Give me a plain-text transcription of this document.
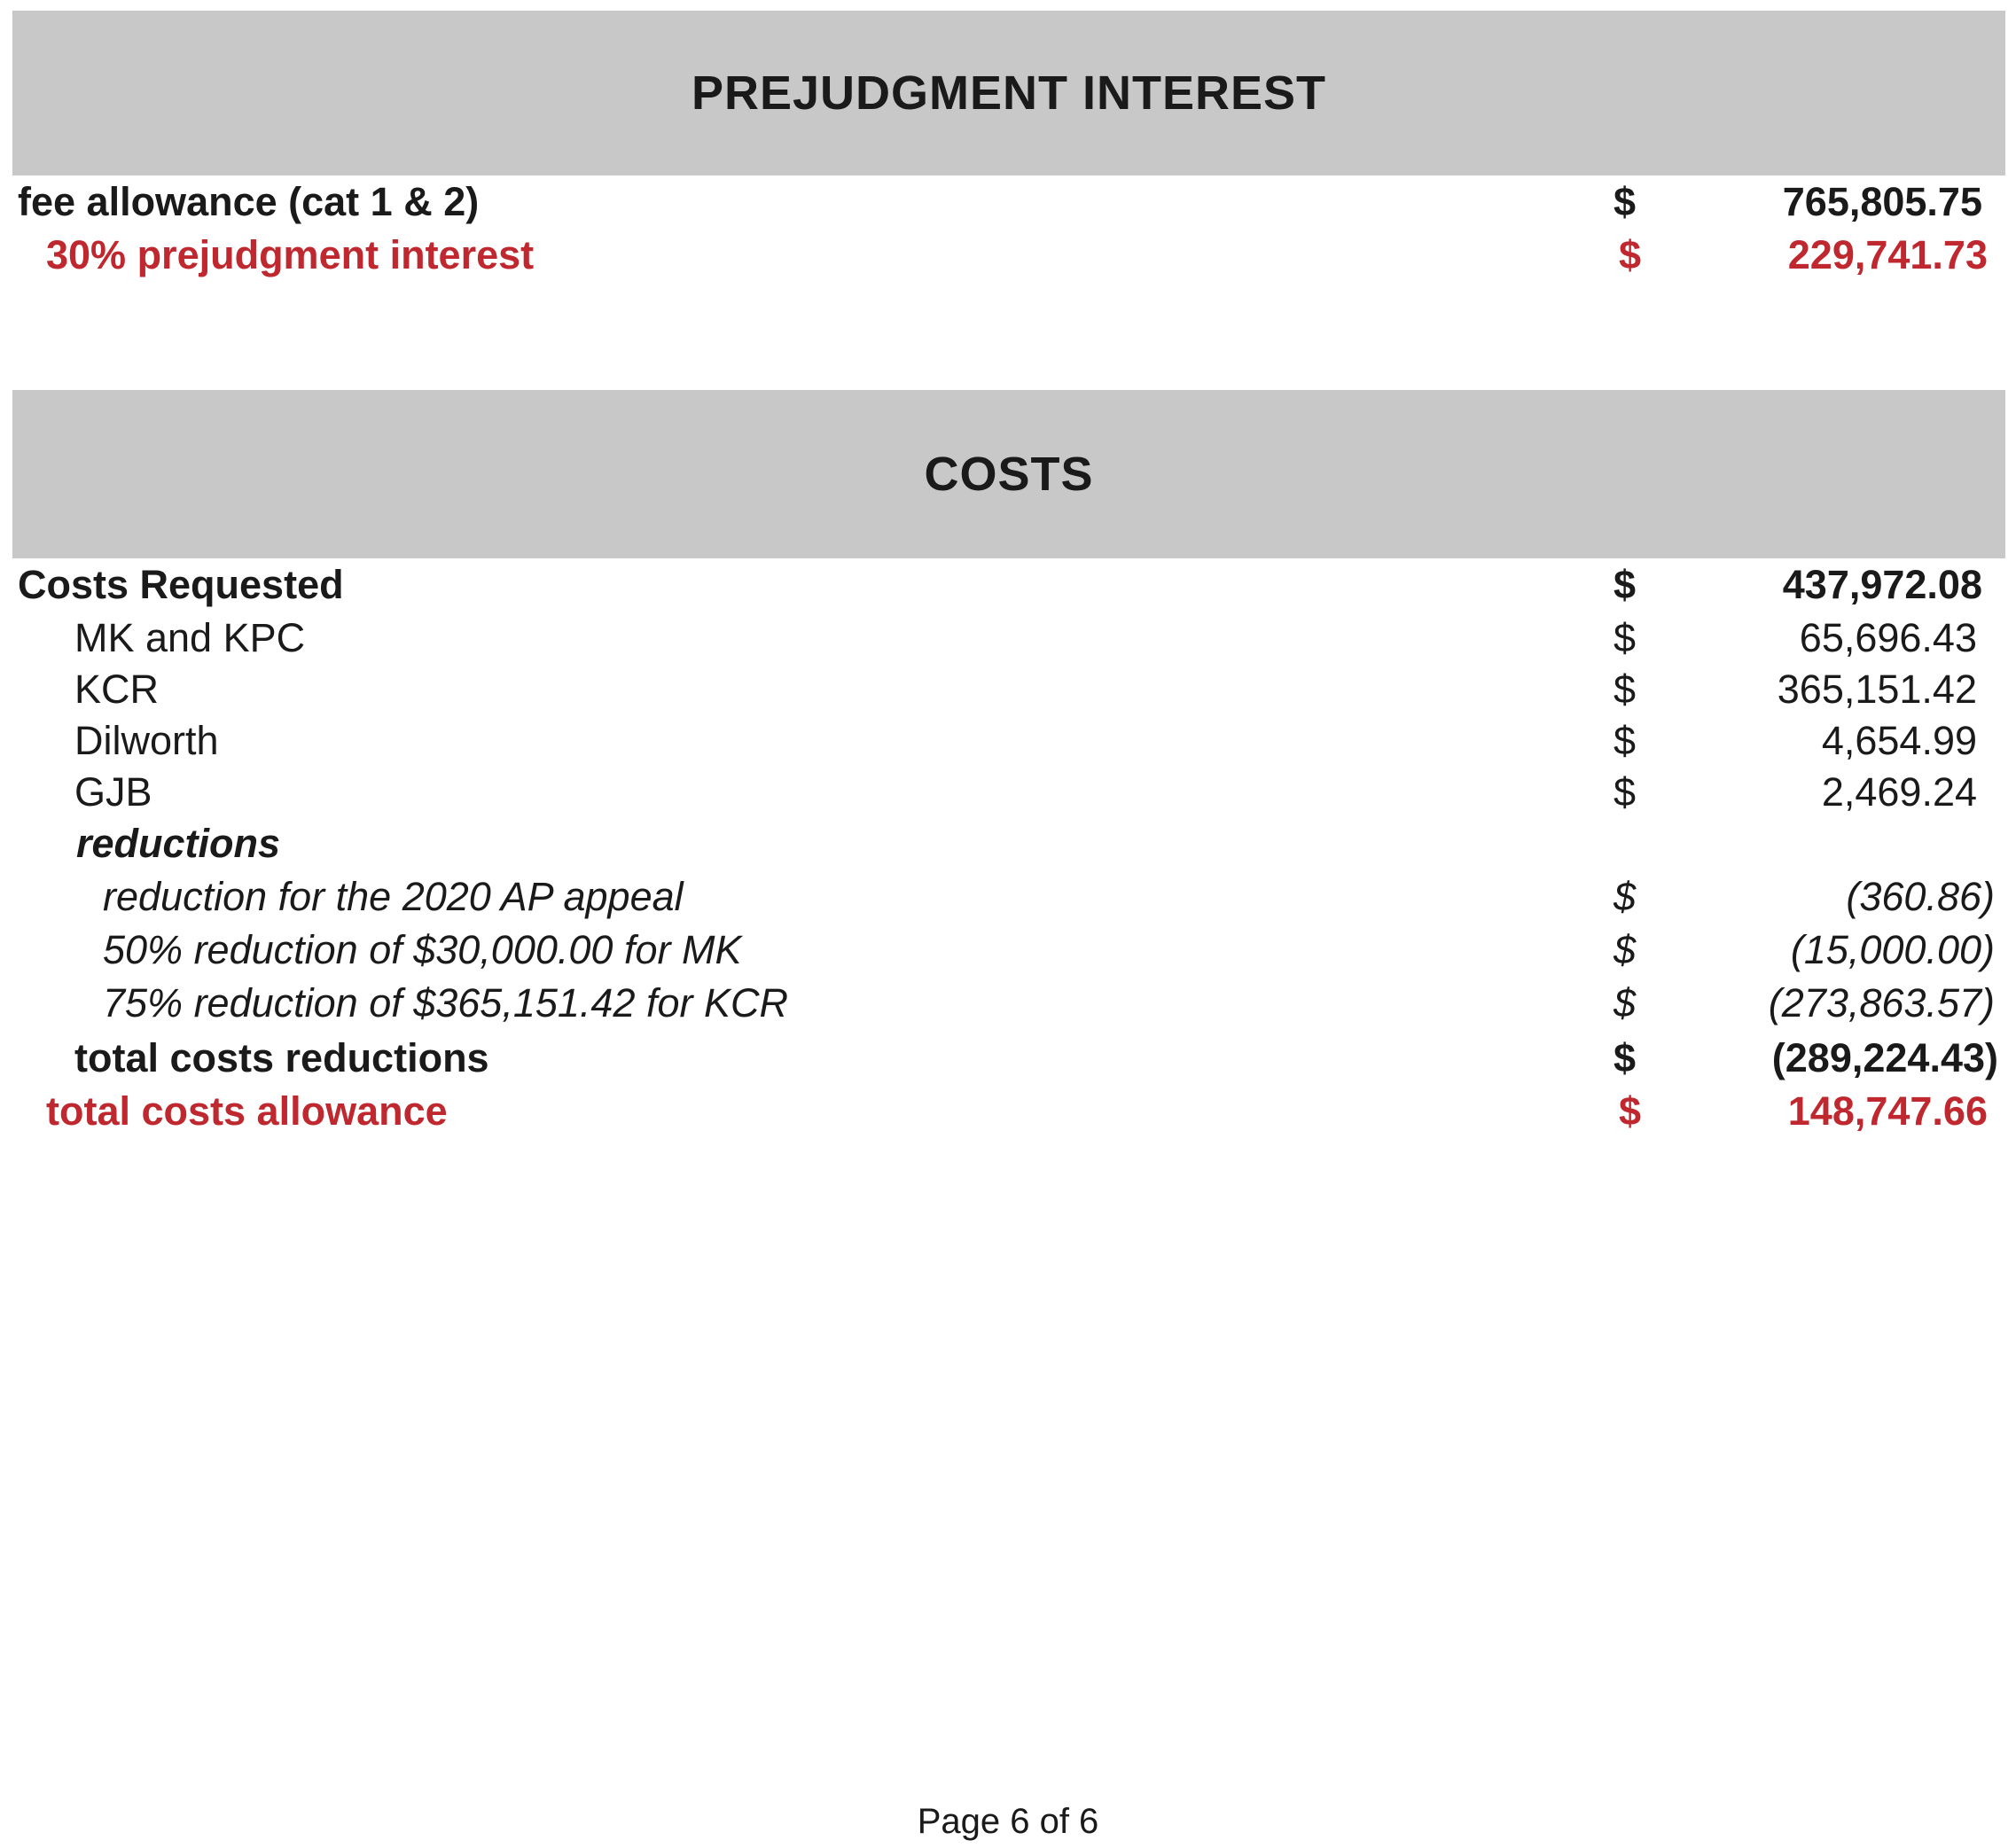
PREJUDGMENT INTEREST
fee allowance (cat 1 & 2)	$	765,805.75
30% prejudgment interest	$	229,741.73
COSTS
Costs Requested	$	437,972.08
MK and KPC	$	65,696.43
KCR	$	365,151.42
Dilworth	$	4,654.99
GJB	$	2,469.24
reductions
reduction for the 2020 AP appeal	$	(360.86)
50% reduction of $30,000.00 for MK	$	(15,000.00)
75% reduction of $365,151.42 for KCR	$	(273,863.57)
total costs reductions	$	(289,224.43)
total costs allowance	$	148,747.66
Page 6 of 6
